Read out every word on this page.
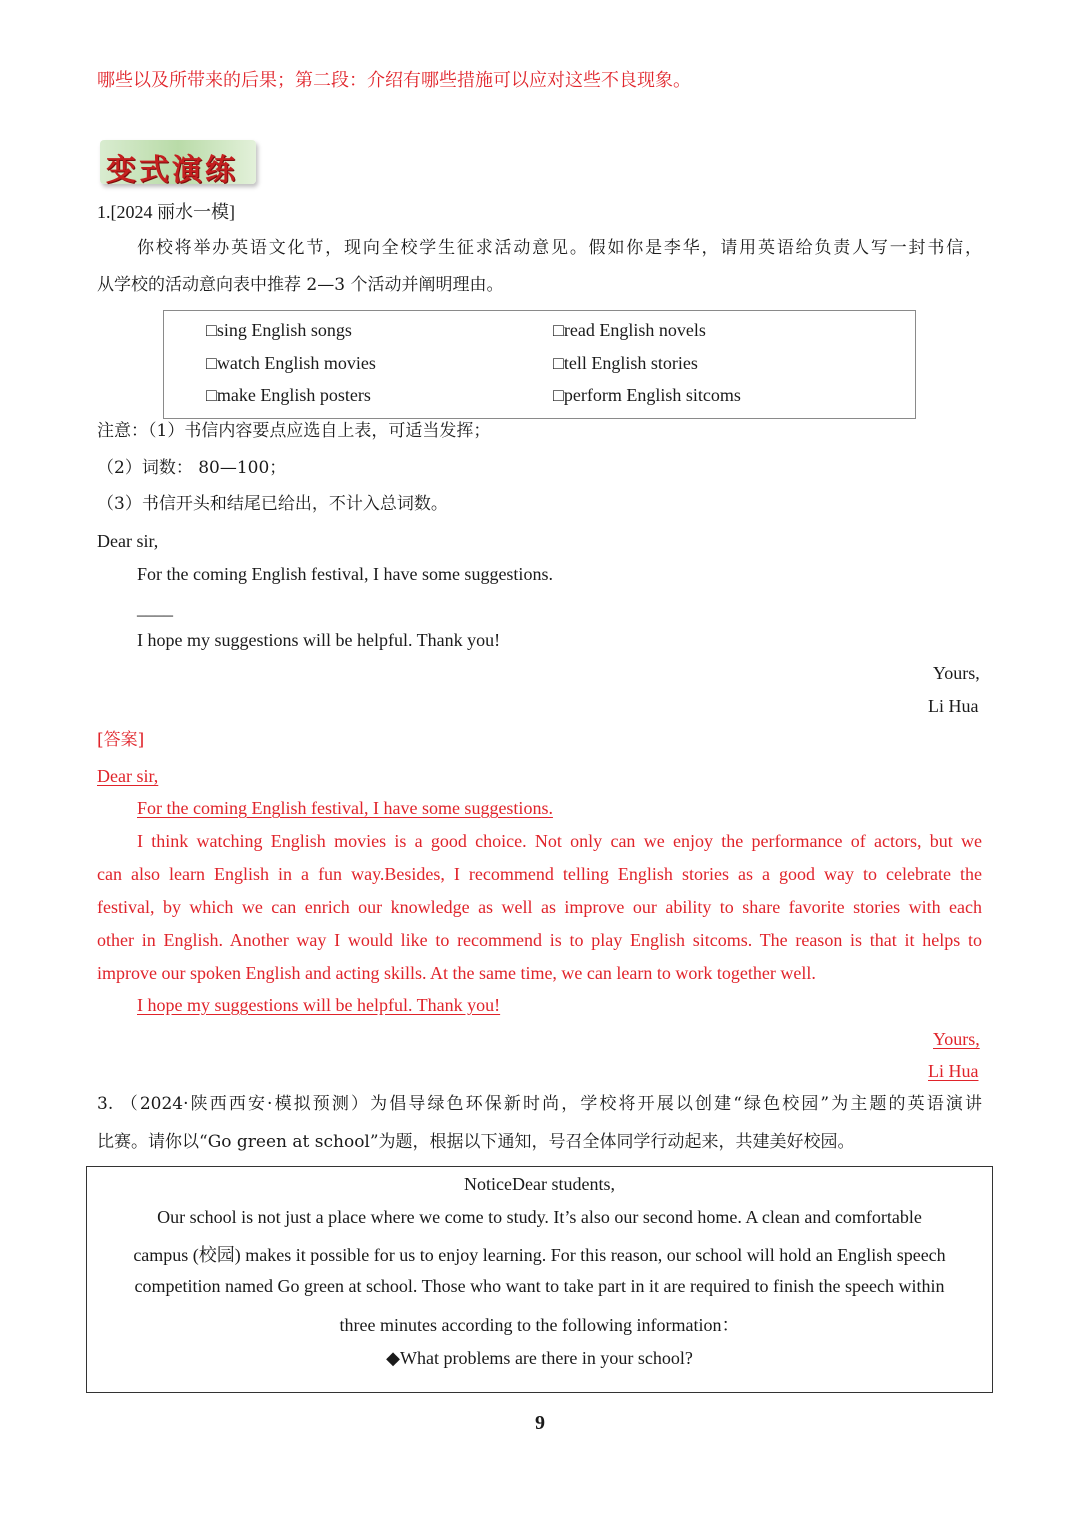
哪些以及所带来的后果；第二段：介绍有哪些措施可以应对这些不良现象。
变式演练
1.[2024 丽水一模]
你校将举办英语文化节，现向全校学生征求活动意见。假如你是李华，请用英语给负责人写一封书信，
从学校的活动意向表中推荐 2—3 个活动并阐明理由。
□sing English songs	□read English novels
□watch English movies	□tell English stories
□make English posters	□perform English sitcoms
注意：（1）书信内容要点应选自上表，可适当发挥；
（2）词数： 80—100；
（3）书信开头和结尾已给出，不计入总词数。
Dear sir,
For the coming English festival, I have some suggestions.
____
I hope my suggestions will be helpful. Thank you!
Yours,
Li Hua
[答案]
Dear sir,
For the coming English festival, I have some suggestions.
I think watching English movies is a good choice. Not only can we enjoy the performance of actors, but we
can also learn English in a fun way.Besides, I recommend telling English stories as a good way to celebrate the
festival, by which we can enrich our knowledge as well as improve our ability to share favorite stories with each
other in English. Another way I would like to recommend is to play English sitcoms. The reason is that it helps to
improve our spoken English and acting skills. At the same time, we can learn to work together well.
I hope my suggestions will be helpful. Thank you!
Yours,
Li Hua
3. （2024·陕西西安·模拟预测）为倡导绿色环保新时尚，学校将开展以创建“绿色校园”为主题的英语演讲
比赛。请你以“Go green at school”为题，根据以下通知，号召全体同学行动起来，共建美好校园。
NoticeDear students,
Our school is not just a place where we come to study. It’s also our second home. A clean and comfortable
campus (校园) makes it possible for us to enjoy learning. For this reason, our school will hold an English speech
competition named Go green at school. Those who want to take part in it are required to finish the speech within
three minutes according to the following information：
◆What problems are there in your school?
9
